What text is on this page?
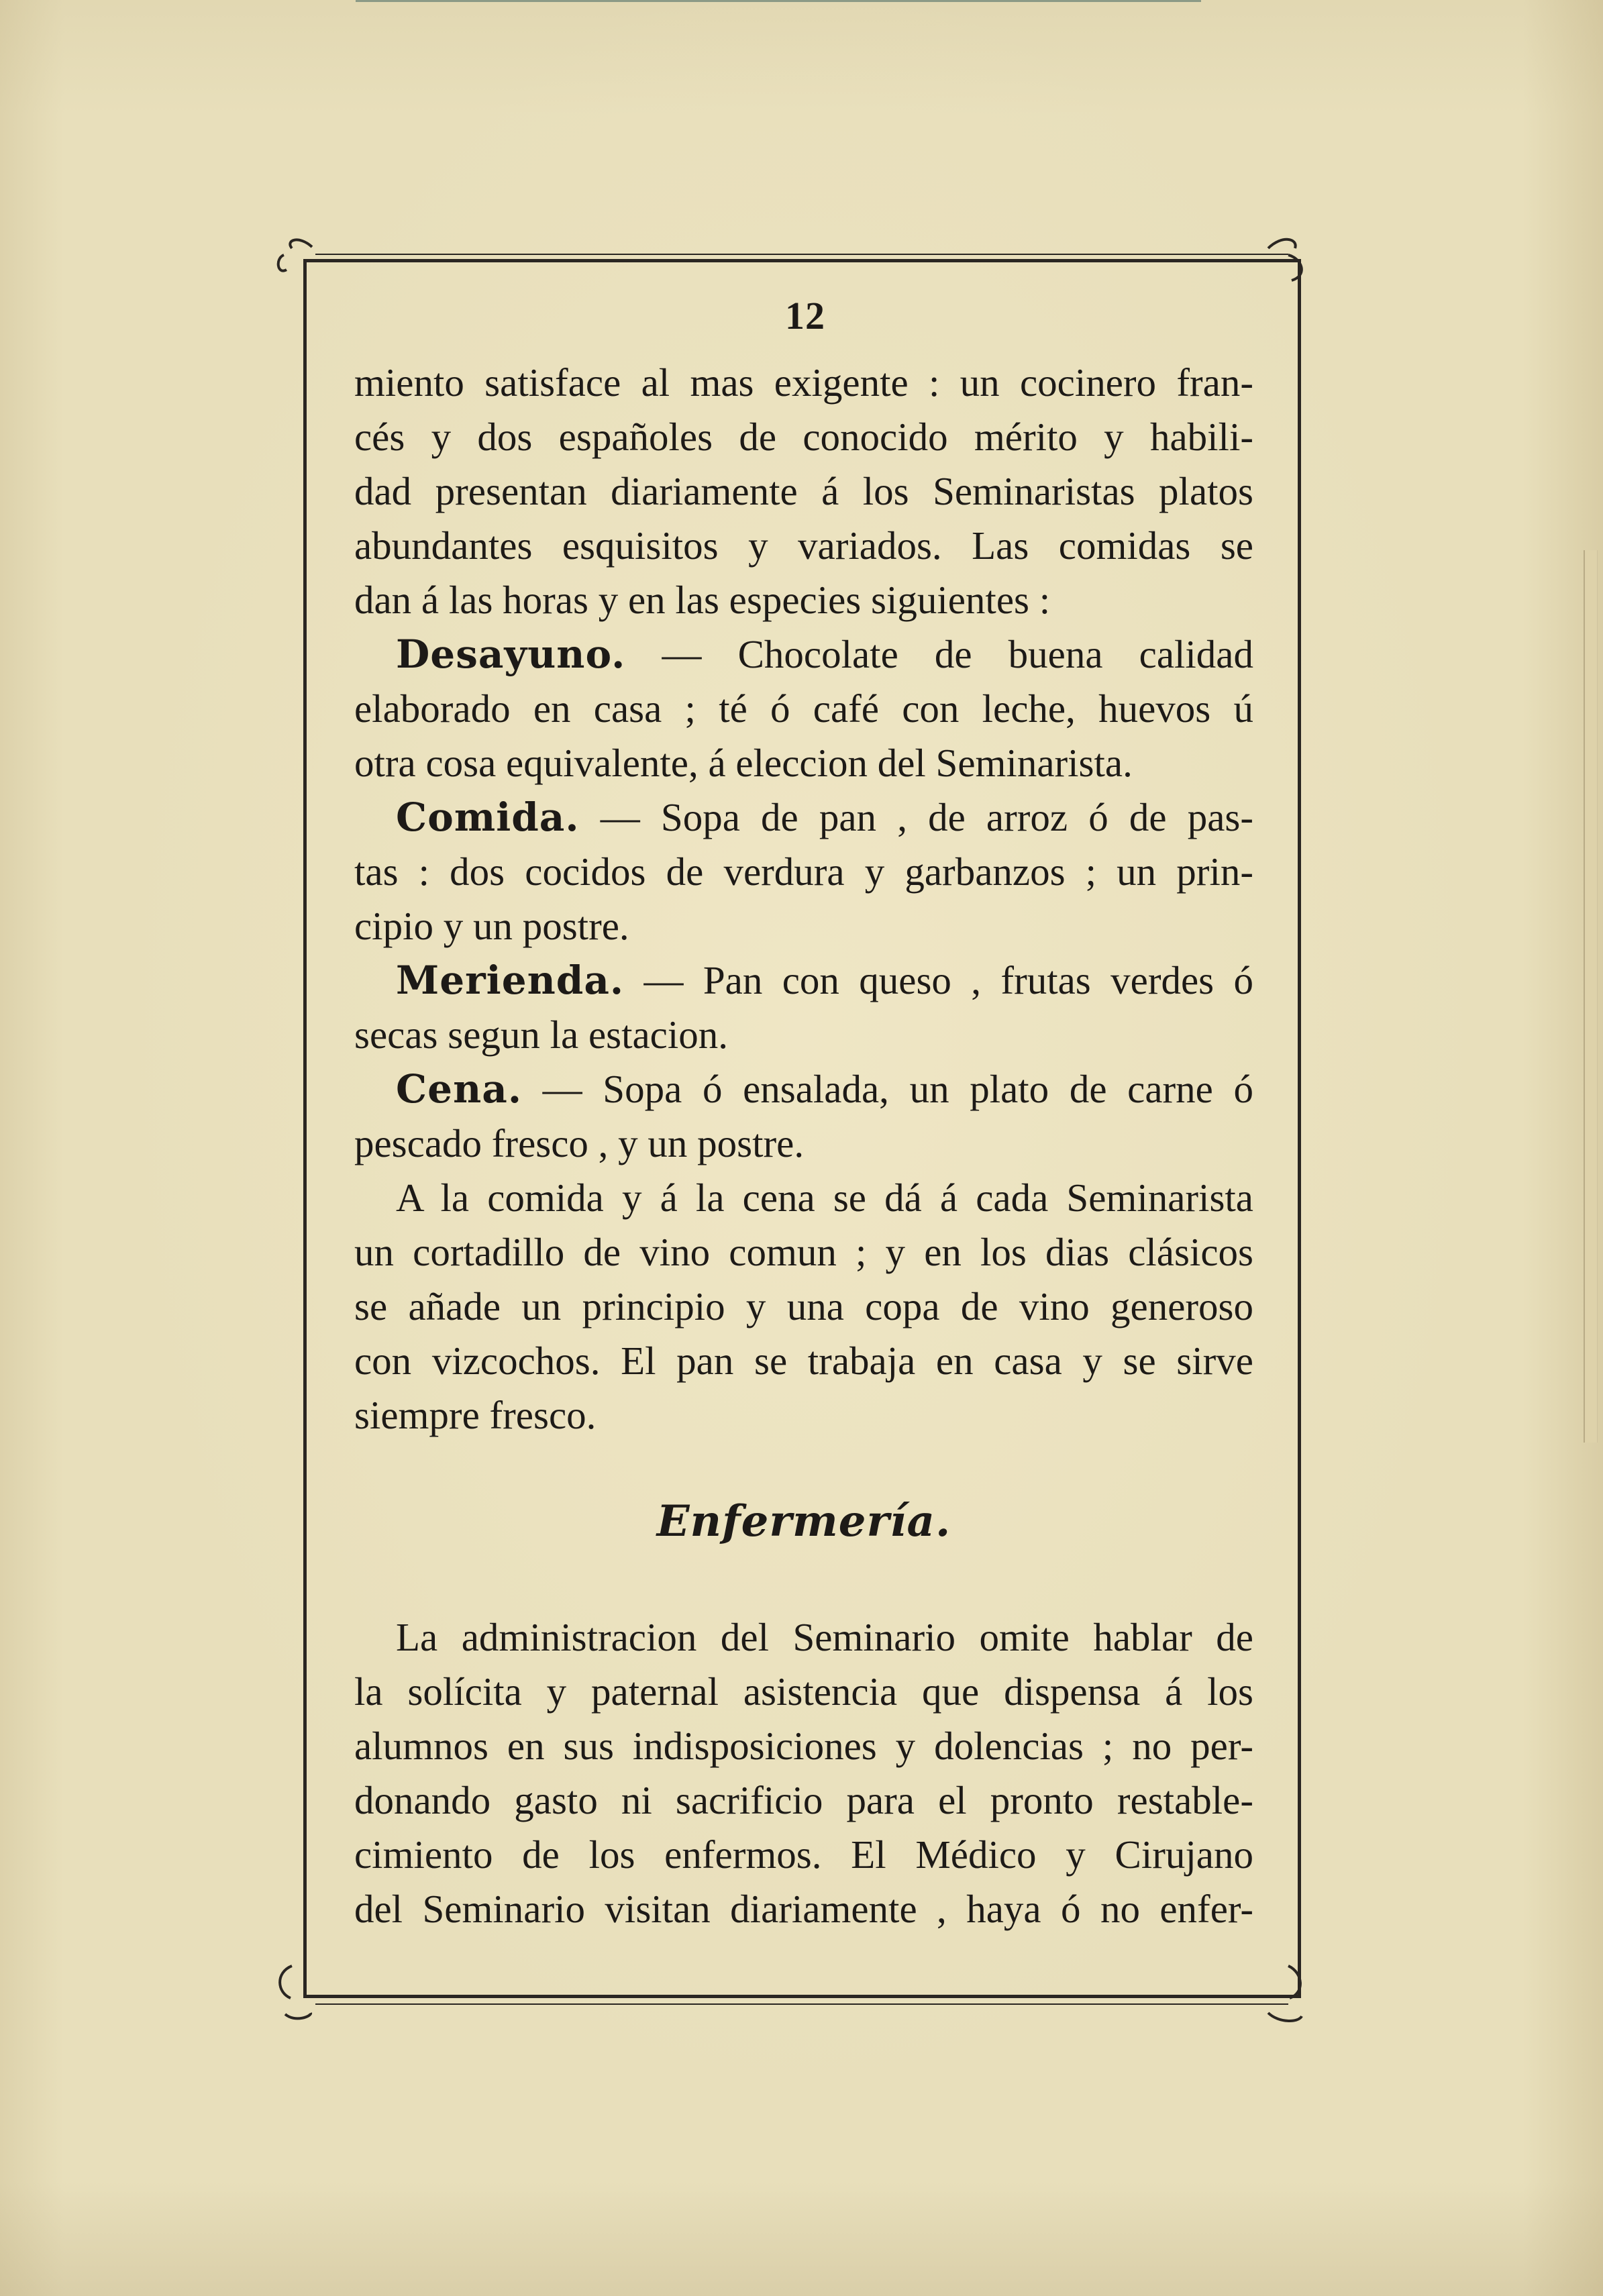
12
miento satisface al mas exigente : un cocinero fran-
cés y dos españoles de conocido mérito y habili-
dad presentan diariamente á los Seminaristas platos
abundantes esquisitos y variados. Las comidas se
dan á las horas y en las especies siguientes :
Desayuno. — Chocolate de buena calidad
elaborado en casa ; té ó café con leche, huevos ú
otra cosa equivalente, á eleccion del Seminarista.
Comida. — Sopa de pan , de arroz ó de pas-
tas : dos cocidos de verdura y garbanzos ; un prin-
cipio y un postre.
Merienda. — Pan con queso , frutas verdes ó
secas segun la estacion.
Cena. — Sopa ó ensalada, un plato de carne ó
pescado fresco , y un postre.
A la comida y á la cena se dá á cada Seminarista
un cortadillo de vino comun ; y en los dias clásicos
se añade un principio y una copa de vino generoso
con vizcochos. El pan se trabaja en casa y se sirve
siempre fresco.
Enfermería.
La administracion del Seminario omite hablar de
la solícita y paternal asistencia que dispensa á los
alumnos en sus indisposiciones y dolencias ; no per-
donando gasto ni sacrificio para el pronto restable-
cimiento de los enfermos. El Médico y Cirujano
del Seminario visitan diariamente , haya ó no enfer-
